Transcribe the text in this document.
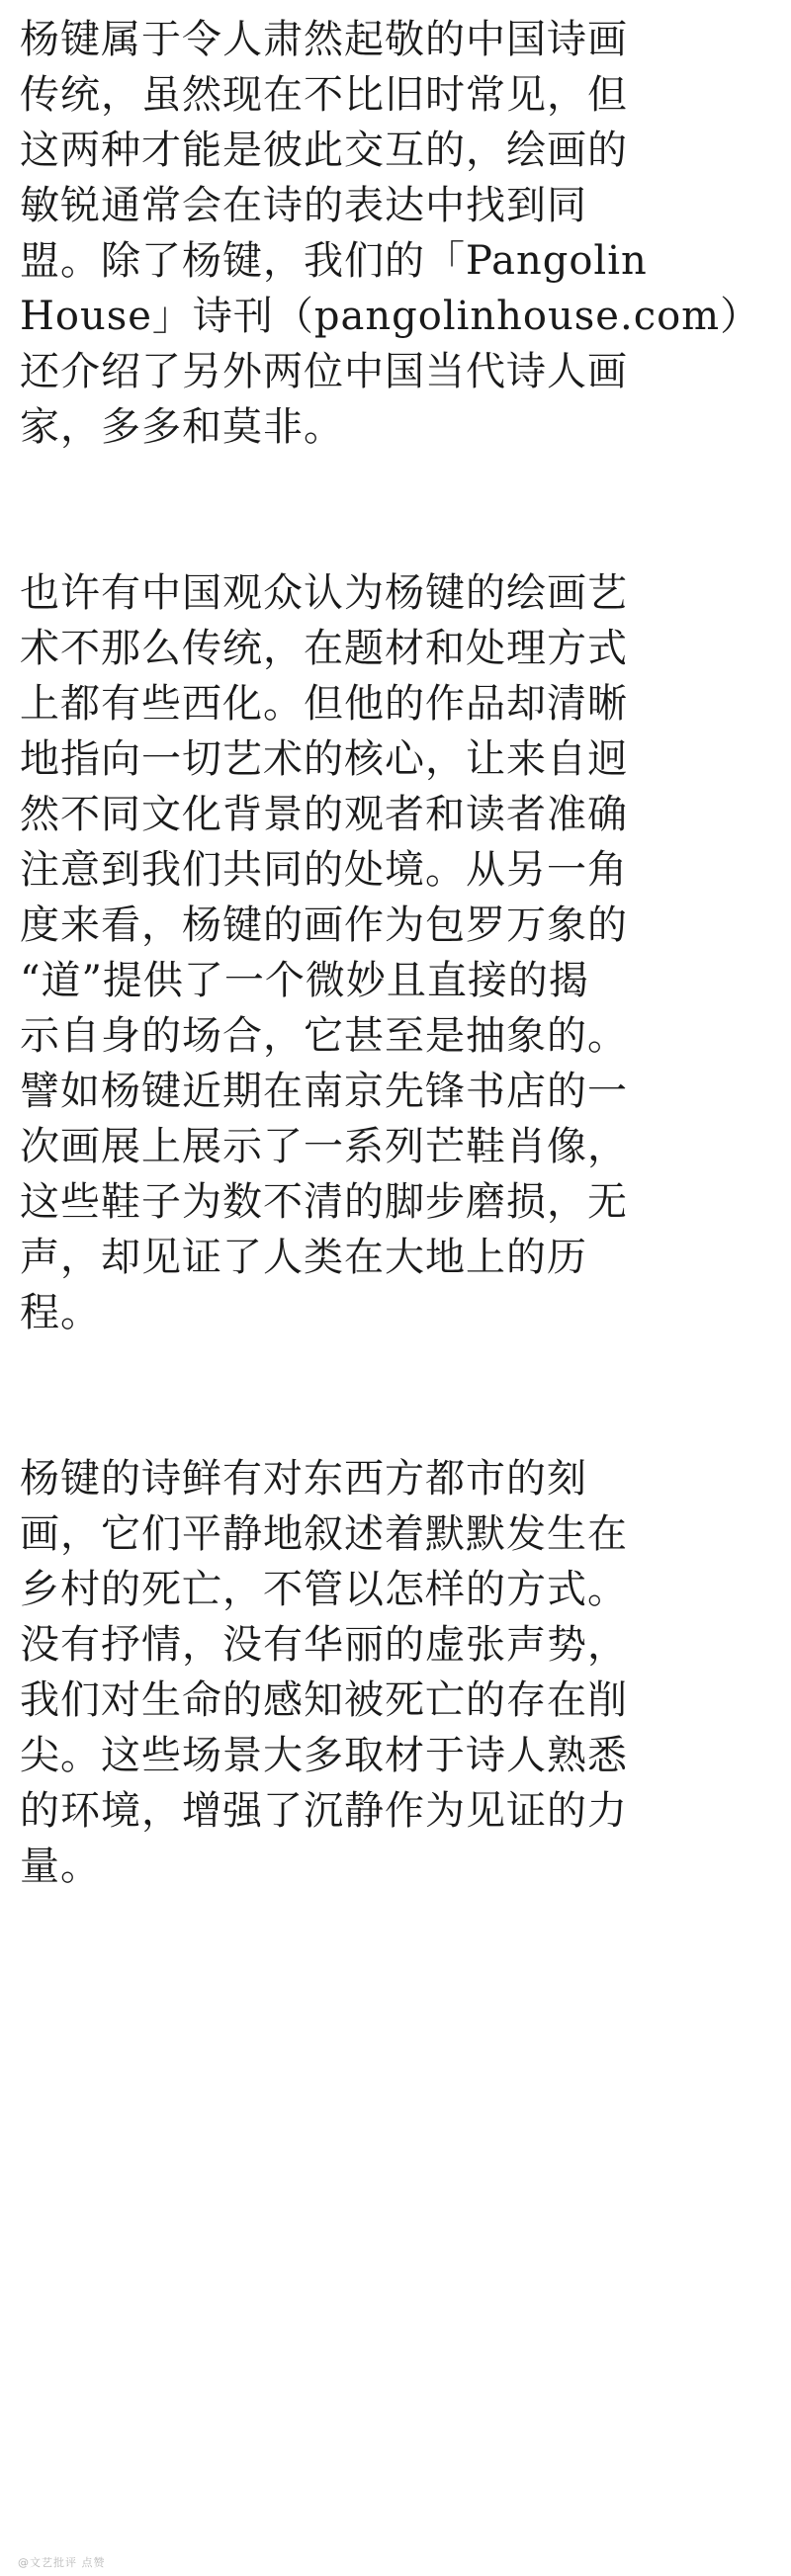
杨键属于令人肃然起敬的中国诗画
传统，虽然现在不比旧时常见，但
这两种才能是彼此交互的，绘画的
敏锐通常会在诗的表达中找到同
盟。除了杨键，我们的「Pangolin
House」诗刊（pangolinhouse.com）
还介绍了另外两位中国当代诗人画
家，多多和莫非。
也许有中国观众认为杨键的绘画艺
术不那么传统，在题材和处理方式
上都有些西化。但他的作品却清晰
地指向一切艺术的核心，让来自迥
然不同文化背景的观者和读者准确
注意到我们共同的处境。从另一角
度来看，杨键的画作为包罗万象的
“道”提供了一个微妙且直接的揭
示自身的场合，它甚至是抽象的。
譬如杨键近期在南京先锋书店的一
次画展上展示了一系列芒鞋肖像，
这些鞋子为数不清的脚步磨损，无
声，却见证了人类在大地上的历
程。
杨键的诗鲜有对东西方都市的刻
画，它们平静地叙述着默默发生在
乡村的死亡，不管以怎样的方式。
没有抒情，没有华丽的虚张声势，
我们对生命的感知被死亡的存在削
尖。这些场景大多取材于诗人熟悉
的环境，增强了沉静作为见证的力
量。
@文艺批评 点赞
